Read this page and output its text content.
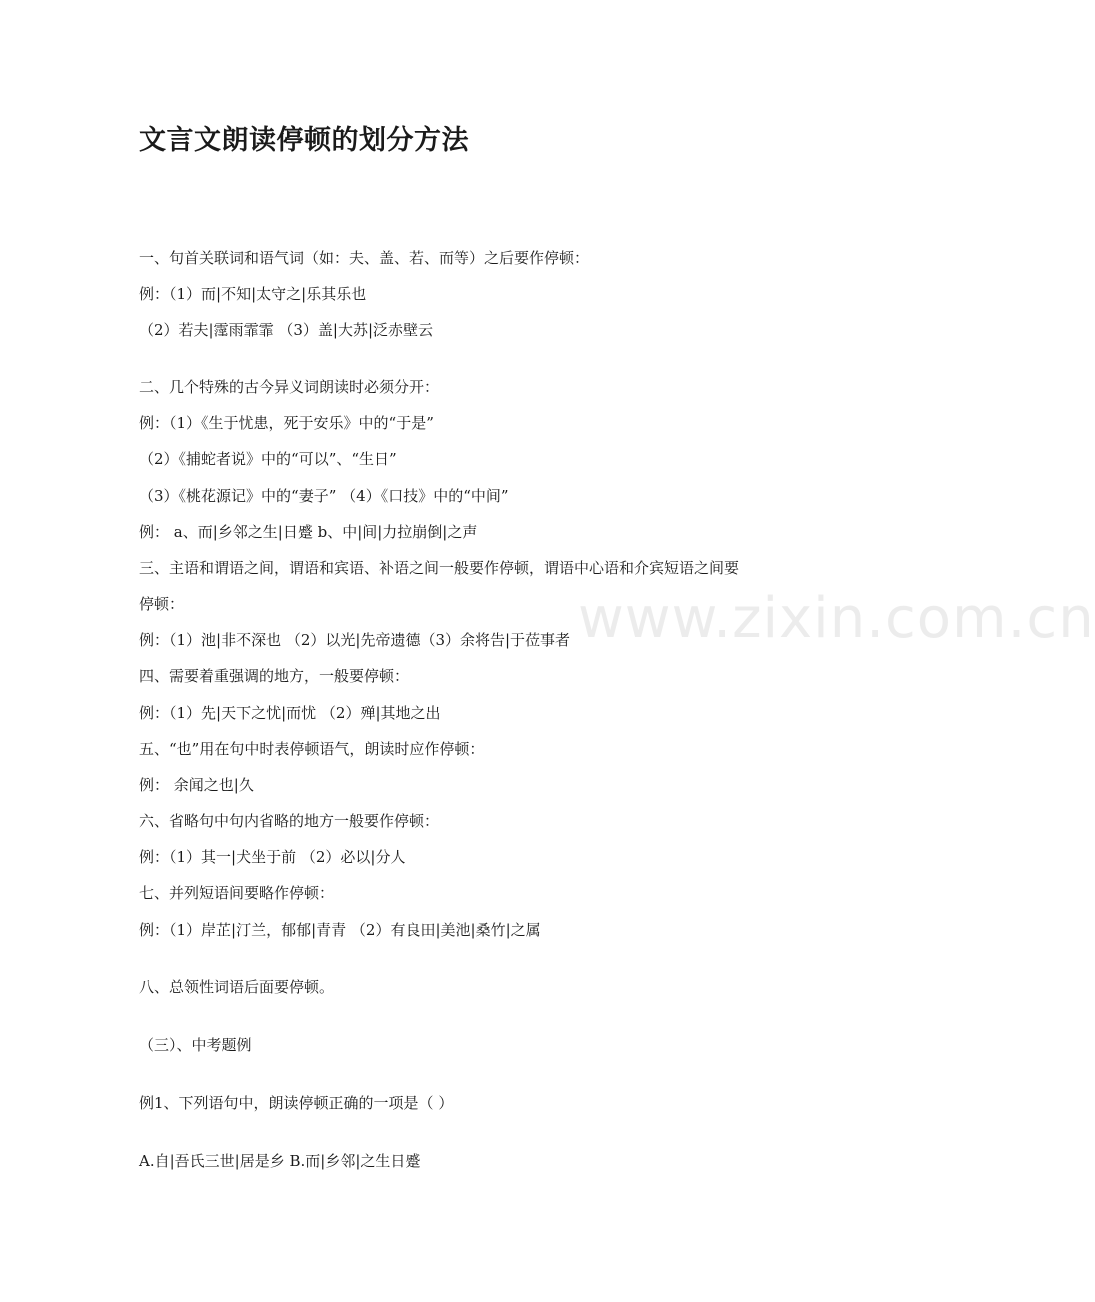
www.zixin.com.cn
文言文朗读停顿的划分方法
一、句首关联词和语气词（如：夫、盖、若、而等）之后要作停顿：
例：（1）而|不知|太守之|乐其乐也
（2）若夫|霪雨霏霏 （3）盖|大苏|泛赤壁云
二、几个特殊的古今异义词朗读时必须分开：
例：（1）《生于忧患，死于安乐》中的“于是”
（2）《捕蛇者说》中的“可以”、“生日”
（3）《桃花源记》中的“妻子” （4）《口技》中的“中间”
例： a、而|乡邻之生|日蹙 b、中|间|力拉崩倒|之声
三、主语和谓语之间，谓语和宾语、补语之间一般要作停顿，谓语中心语和介宾短语之间要
停顿：
例：（1）池|非不深也 （2）以光|先帝遗德（3）余将告|于莅事者
四、需要着重强调的地方，一般要停顿：
例：（1）先|天下之忧|而忧 （2）殚|其地之出
五、“也”用在句中时表停顿语气，朗读时应作停顿：
例： 余闻之也|久
六、省略句中句内省略的地方一般要作停顿：
例：（1）其一|犬坐于前 （2）必以|分人
七、并列短语间要略作停顿：
例：（1）岸芷|汀兰，郁郁|青青 （2）有良田|美池|桑竹|之属
八、总领性词语后面要停顿。
（三）、中考题例
例1、下列语句中，朗读停顿正确的一项是（ ）
A.自|吾氏三世|居是乡 B.而|乡邻|之生日蹙
